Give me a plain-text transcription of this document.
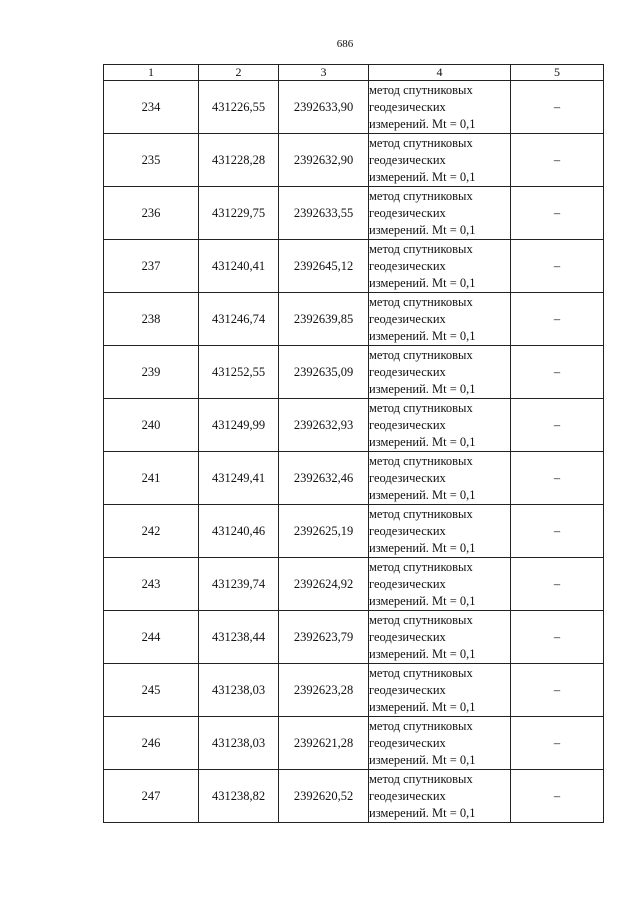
686
1	2	3	4	5
234	431226,55	2392633,90	метод спутниковых
геодезических
измерений. Mt = 0,1	–
235	431228,28	2392632,90	метод спутниковых
геодезических
измерений. Mt = 0,1	–
236	431229,75	2392633,55	метод спутниковых
геодезических
измерений. Mt = 0,1	–
237	431240,41	2392645,12	метод спутниковых
геодезических
измерений. Mt = 0,1	–
238	431246,74	2392639,85	метод спутниковых
геодезических
измерений. Mt = 0,1	–
239	431252,55	2392635,09	метод спутниковых
геодезических
измерений. Mt = 0,1	–
240	431249,99	2392632,93	метод спутниковых
геодезических
измерений. Mt = 0,1	–
241	431249,41	2392632,46	метод спутниковых
геодезических
измерений. Mt = 0,1	–
242	431240,46	2392625,19	метод спутниковых
геодезических
измерений. Mt = 0,1	–
243	431239,74	2392624,92	метод спутниковых
геодезических
измерений. Mt = 0,1	–
244	431238,44	2392623,79	метод спутниковых
геодезических
измерений. Mt = 0,1	–
245	431238,03	2392623,28	метод спутниковых
геодезических
измерений. Mt = 0,1	–
246	431238,03	2392621,28	метод спутниковых
геодезических
измерений. Mt = 0,1	–
247	431238,82	2392620,52	метод спутниковых
геодезических
измерений. Mt = 0,1	–
